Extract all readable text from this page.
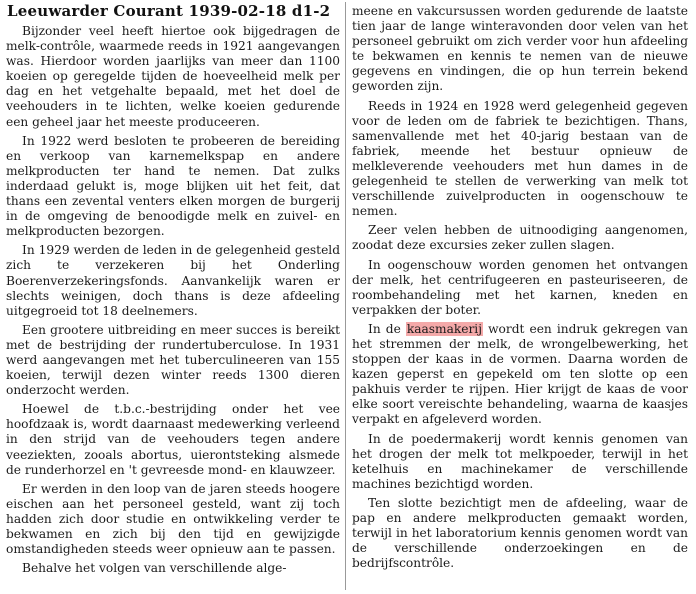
Leeuwarder Courant 1939-02-18 d1-2

Bijzonder veel heeft hiertoe ook bijgedragen de melk-contrôle, waarmede reeds in 1921 aangevangen was. Hierdoor worden jaarlijks van meer dan 1100 koeien op geregelde tijden de hoeveelheid melk per dag en het vetgehalte bepaald, met het doel de veehouders in te lichten, welke koeien gedurende een geheel jaar het meeste produceeren.

In 1922 werd besloten te probeeren de bereiding en verkoop van karnemelkspap en andere melkproducten ter hand te nemen. Dat zulks inderdaad gelukt is, moge blijken uit het feit, dat thans een zevental venters elken morgen de burgerij in de omgeving de benoodigde melk en zuivel- en melkproducten bezorgen.

In 1929 werden de leden in de gelegenheid gesteld zich te verzekeren bij het Onderling Boerenverzekeringsfonds. Aanvankelijk waren er slechts weinigen, doch thans is deze afdeeling uitgegroeid tot 18 deelnemers.

Een grootere uitbreiding en meer succes is bereikt met de bestrijding der rundertuberculose. In 1931 werd aangevangen met het tuberculineeren van 155 koeien, terwijl dezen winter reeds 1300 dieren onderzocht werden.

Hoewel de t.b.c.-bestrijding onder het vee hoofdzaak is, wordt daarnaast medewerking verleend in den strijd van de veehouders tegen andere veeziekten, zooals abortus, uierontsteking alsmede de runderhorzel en 't gevreesde mond- en klauwzeer.

Er werden in den loop van de jaren steeds hoogere eischen aan het personeel gesteld, want zij toch hadden zich door studie en ontwikkeling verder te bekwamen en zich bij den tijd en gewijzigde omstandigheden steeds weer opnieuw aan te passen.

Behalve het volgen van verschillende alge-

meene en vakcursussen worden gedurende de laatste tien jaar de lange winteravonden door velen van het personeel gebruikt om zich verder voor hun afdeeling te bekwamen en kennis te nemen van de nieuwe gegevens en vindingen, die op hun terrein bekend geworden zijn.

Reeds in 1924 en 1928 werd gelegenheid gegeven voor de leden om de fabriek te bezichtigen. Thans, samenvallende met het 40-jarig bestaan van de fabriek, meende het bestuur opnieuw de melkleverende veehouders met hun dames in de gelegenheid te stellen de verwerking van melk tot verschillende zuivelproducten in oogenschouw te nemen.

Zeer velen hebben de uitnoodiging aangenomen, zoodat deze excursies zeker zullen slagen.

In oogenschouw worden genomen het ontvangen der melk, het centrifugeeren en pasteuriseeren, de roombehandeling met het karnen, kneden en verpakken der boter.

In de kaasmakerij wordt een indruk gekregen van het stremmen der melk, de wrongelbewerking, het stoppen der kaas in de vormen. Daarna worden de kazen geperst en gepekeld om ten slotte op een pakhuis verder te rijpen. Hier krijgt de kaas de voor elke soort vereischte behandeling, waarna de kaasjes verpakt en afgeleverd worden.

In de poedermakerij wordt kennis genomen van het drogen der melk tot melkpoeder, terwijl in het ketelhuis en machinekamer de verschillende machines bezichtigd worden.

Ten slotte bezichtigt men de afdeeling, waar de pap en andere melkproducten gemaakt worden, terwijl in het laboratorium kennis genomen wordt van de verschillende onderzoekingen en de bedrijfscontrôle.
